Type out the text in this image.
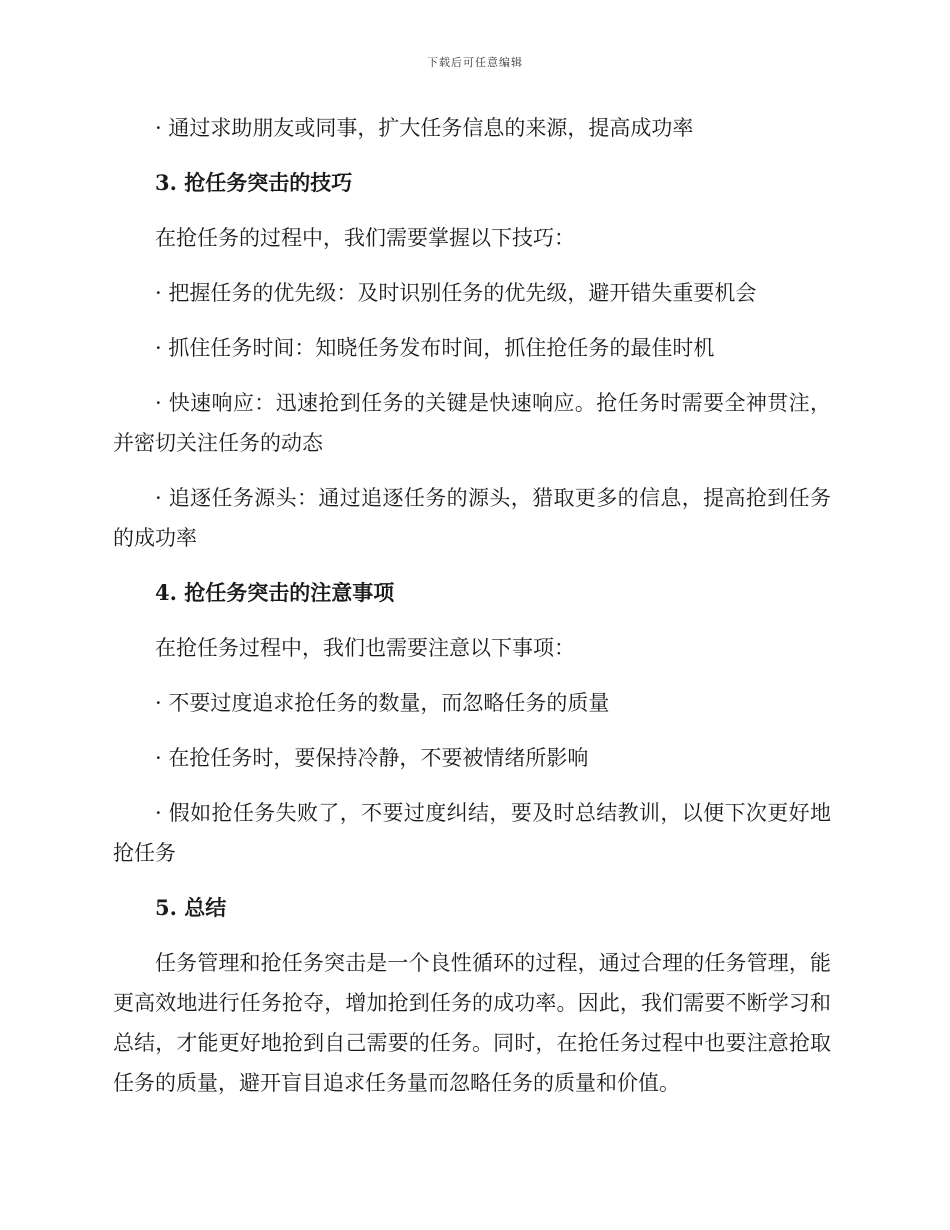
下载后可任意编辑

· 通过求助朋友或同事，扩大任务信息的来源，提高成功率

3. 抢任务突击的技巧

在抢任务的过程中，我们需要掌握以下技巧：

· 把握任务的优先级：及时识别任务的优先级，避开错失重要机会

· 抓住任务时间：知晓任务发布时间，抓住抢任务的最佳时机

· 快速响应：迅速抢到任务的关键是快速响应。抢任务时需要全神贯注，并密切关注任务的动态

· 追逐任务源头：通过追逐任务的源头，猎取更多的信息，提高抢到任务的成功率

4. 抢任务突击的注意事项

在抢任务过程中，我们也需要注意以下事项：

· 不要过度追求抢任务的数量，而忽略任务的质量

· 在抢任务时，要保持冷静，不要被情绪所影响

· 假如抢任务失败了，不要过度纠结，要及时总结教训，以便下次更好地抢任务

5. 总结

任务管理和抢任务突击是一个良性循环的过程，通过合理的任务管理，能更高效地进行任务抢夺，增加抢到任务的成功率。因此，我们需要不断学习和总结，才能更好地抢到自己需要的任务。同时，在抢任务过程中也要注意抢取任务的质量，避开盲目追求任务量而忽略任务的质量和价值。
